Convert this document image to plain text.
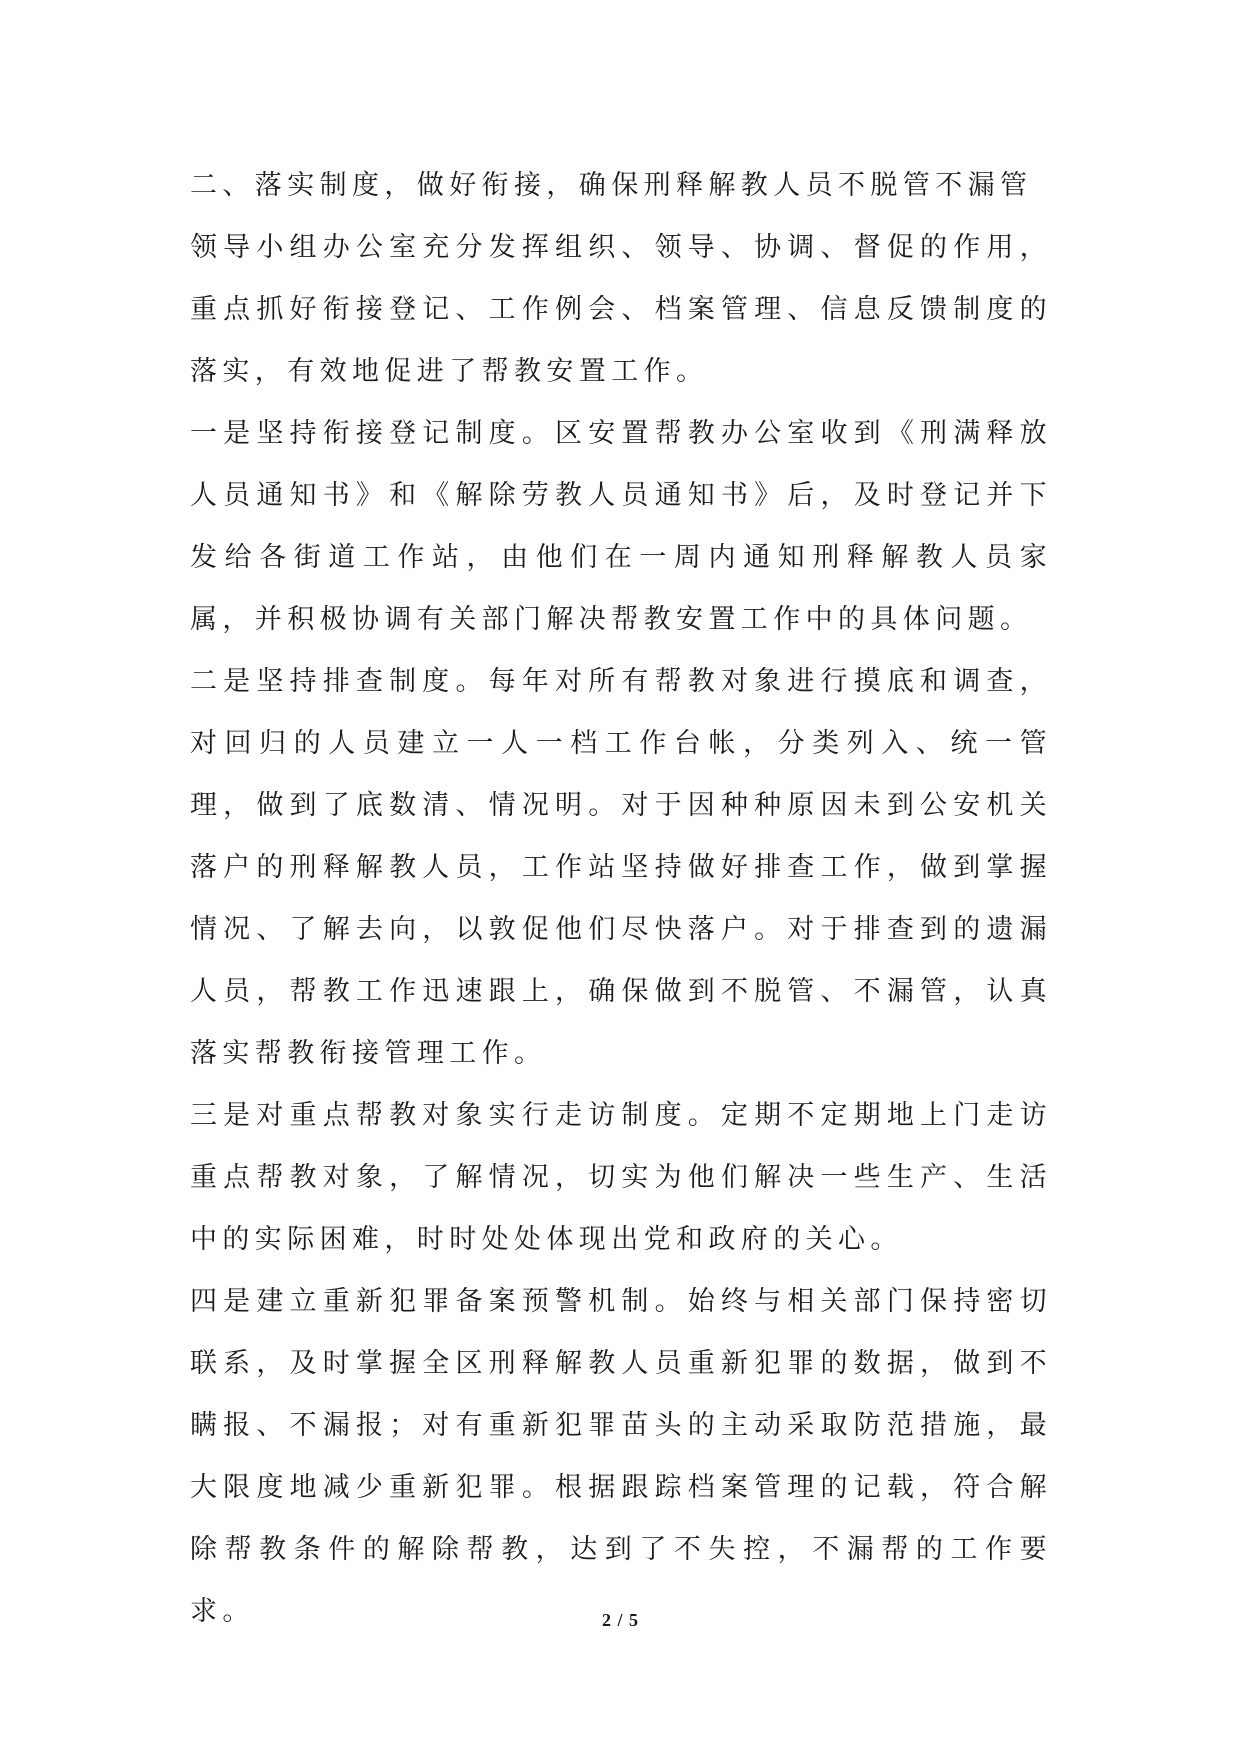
二、落实制度，做好衔接，确保刑释解教人员不脱管不漏管

领导小组办公室充分发挥组织、领导、协调、督促的作用，重点抓好衔接登记、工作例会、档案管理、信息反馈制度的落实，有效地促进了帮教安置工作。

一是坚持衔接登记制度。区安置帮教办公室收到《刑满释放人员通知书》和《解除劳教人员通知书》后，及时登记并下发给各街道工作站，由他们在一周内通知刑释解教人员家属，并积极协调有关部门解决帮教安置工作中的具体问题。

二是坚持排查制度。每年对所有帮教对象进行摸底和调查，对回归的人员建立一人一档工作台帐，分类列入、统一管理，做到了底数清、情况明。对于因种种原因未到公安机关落户的刑释解教人员，工作站坚持做好排查工作，做到掌握情况、了解去向，以敦促他们尽快落户。对于排查到的遗漏人员，帮教工作迅速跟上，确保做到不脱管、不漏管，认真落实帮教衔接管理工作。

三是对重点帮教对象实行走访制度。定期不定期地上门走访重点帮教对象，了解情况，切实为他们解决一些生产、生活中的实际困难，时时处处体现出党和政府的关心。

四是建立重新犯罪备案预警机制。始终与相关部门保持密切联系，及时掌握全区刑释解教人员重新犯罪的数据，做到不瞒报、不漏报；对有重新犯罪苗头的主动采取防范措施，最大限度地减少重新犯罪。根据跟踪档案管理的记载，符合解除帮教条件的解除帮教，达到了不失控，不漏帮的工作要求。	2 / 5
